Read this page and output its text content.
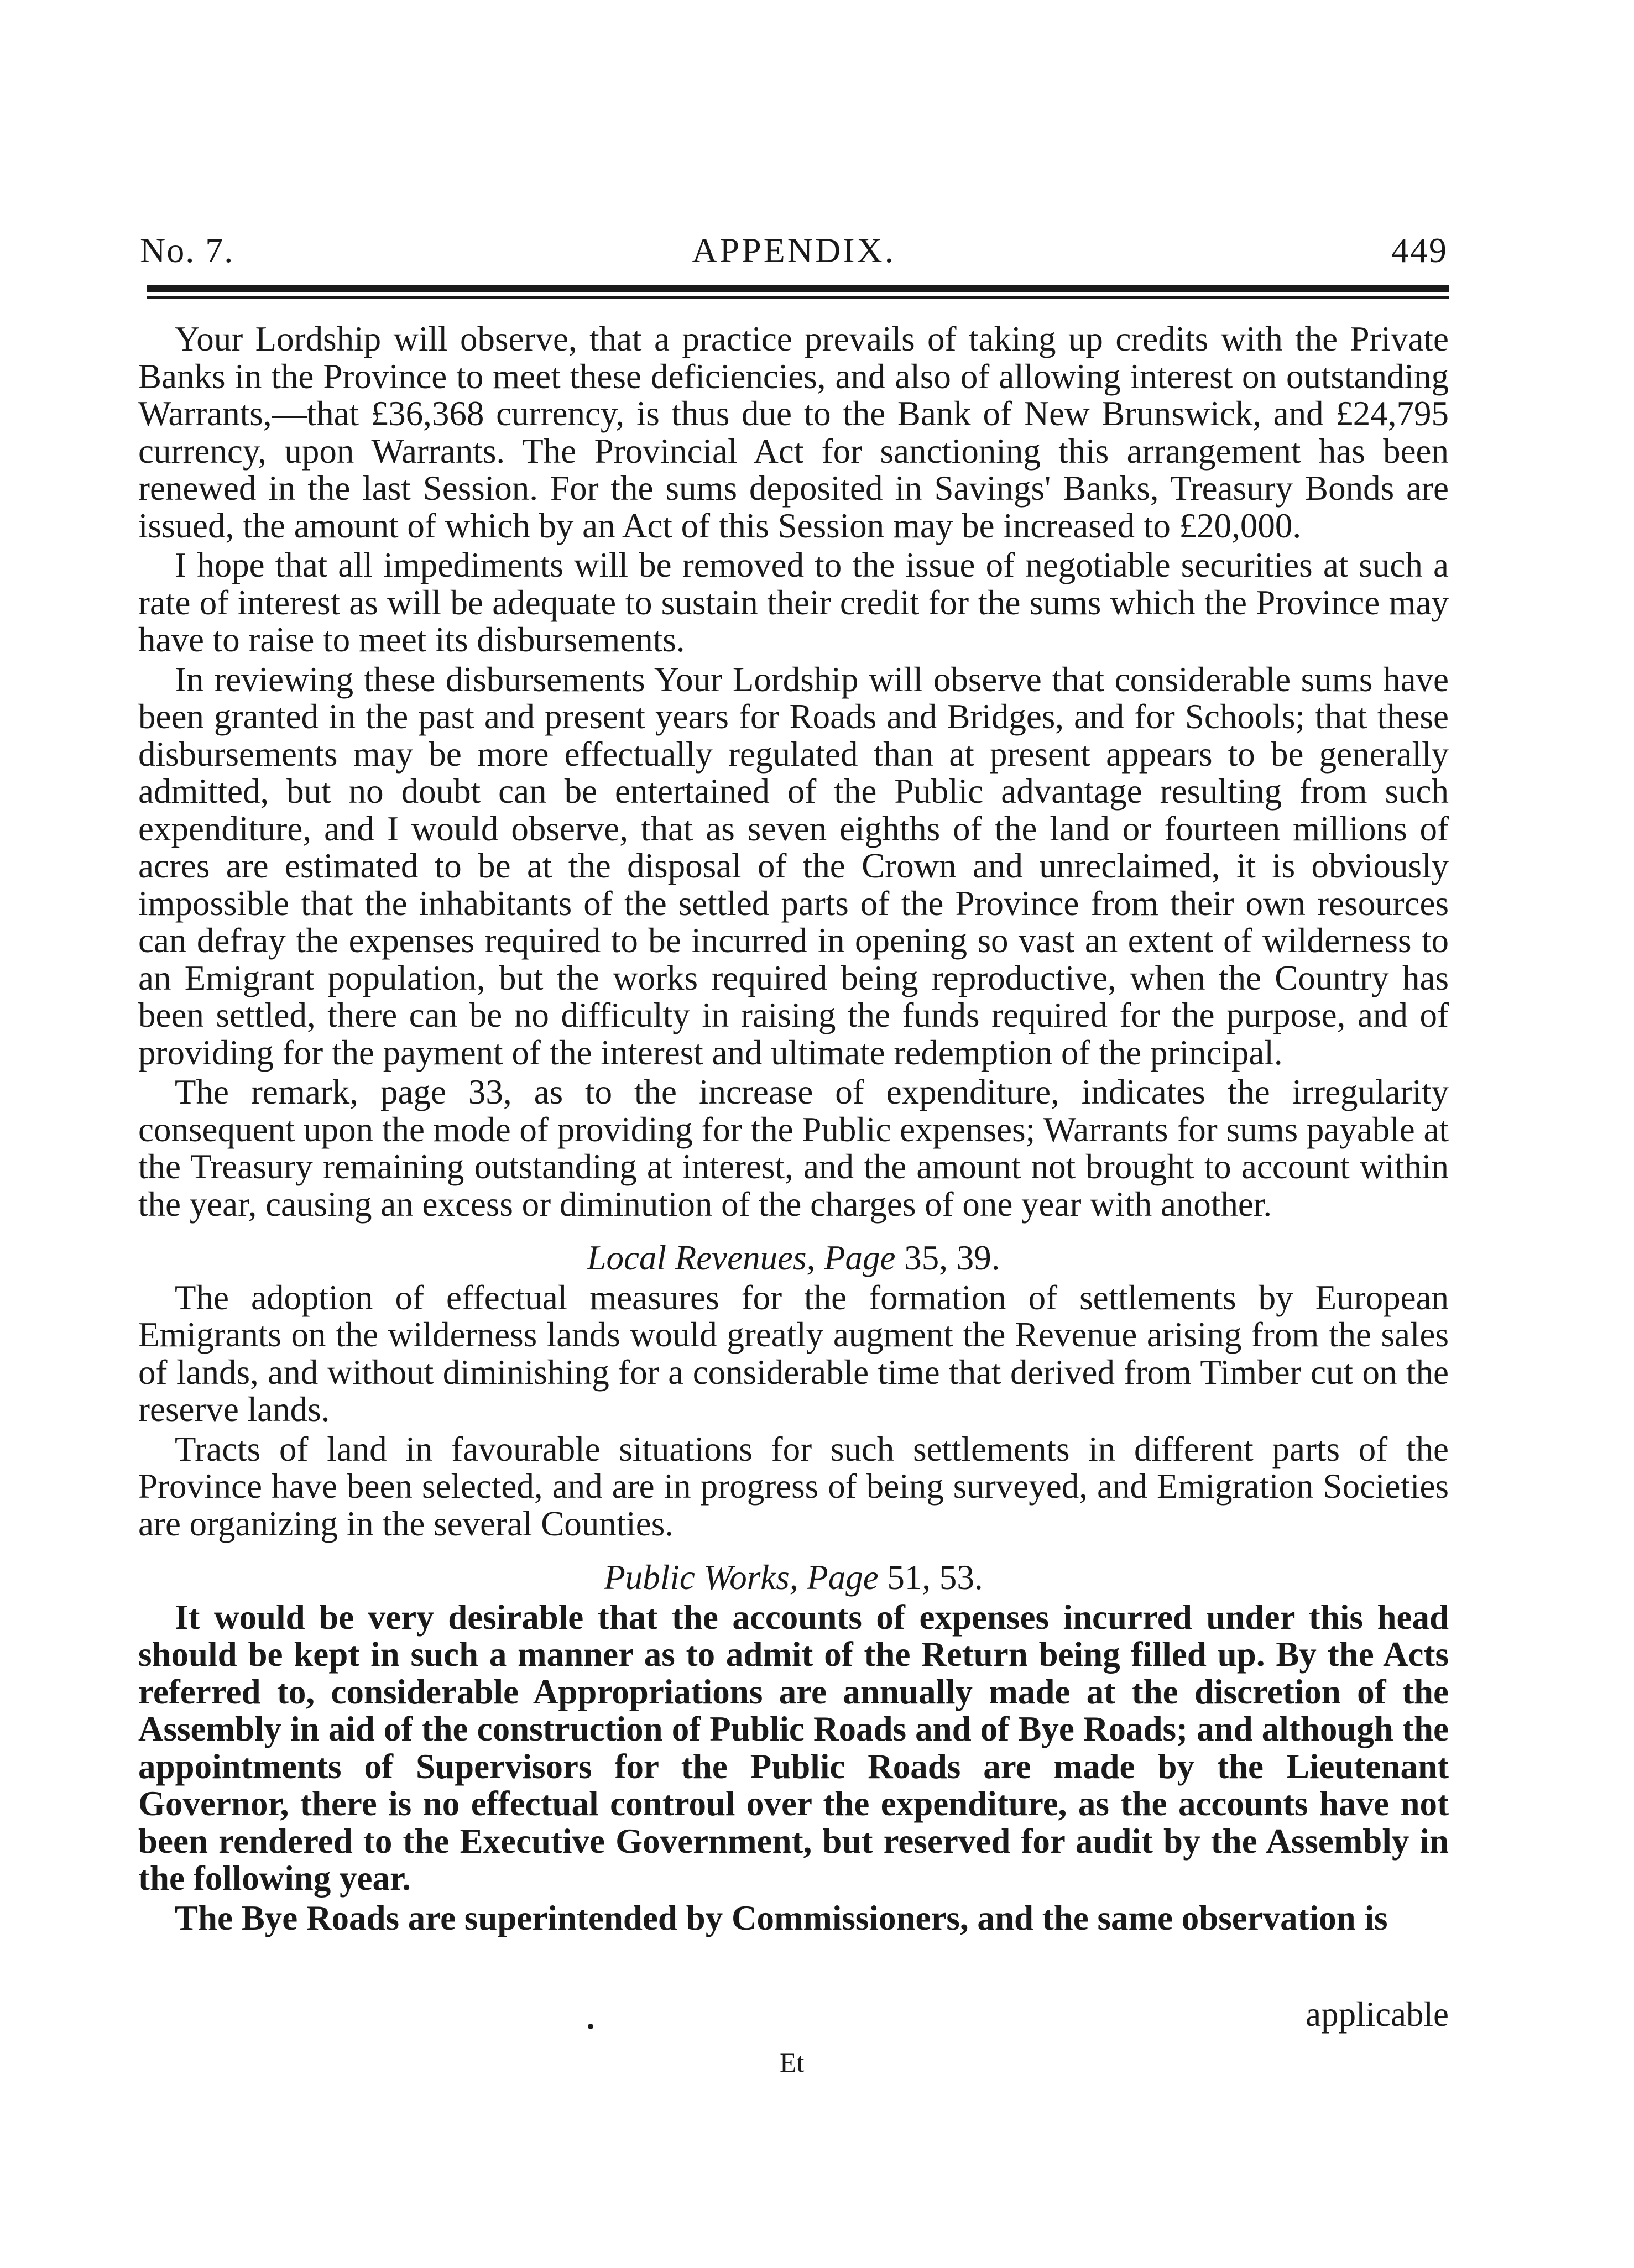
No. 7.	APPENDIX.	449

Your Lordship will observe, that a practice prevails of taking up credits with the Private Banks in the Province to meet these deficiencies, and also of allowing interest on outstanding Warrants,—that £36,368 currency, is thus due to the Bank of New Brunswick, and £24,795 currency, upon Warrants. The Provincial Act for sanctioning this arrangement has been renewed in the last Session. For the sums deposited in Savings' Banks, Treasury Bonds are issued, the amount of which by an Act of this Session may be increased to £20,000.

I hope that all impediments will be removed to the issue of negotiable securities at such a rate of interest as will be adequate to sustain their credit for the sums which the Province may have to raise to meet its disbursements.

In reviewing these disbursements Your Lordship will observe that considerable sums have been granted in the past and present years for Roads and Bridges, and for Schools; that these disbursements may be more effectually regulated than at present appears to be generally admitted, but no doubt can be entertained of the Public advantage resulting from such expenditure, and I would observe, that as seven eighths of the land or fourteen millions of acres are estimated to be at the disposal of the Crown and unreclaimed, it is obviously impossible that the inhabitants of the settled parts of the Province from their own resources can defray the expenses required to be incurred in opening so vast an extent of wilderness to an Emigrant population, but the works required being reproductive, when the Country has been settled, there can be no difficulty in raising the funds required for the purpose, and of providing for the payment of the interest and ultimate redemption of the principal.

The remark, page 33, as to the increase of expenditure, indicates the irregularity consequent upon the mode of providing for the Public expenses; Warrants for sums payable at the Treasury remaining outstanding at interest, and the amount not brought to account within the year, causing an excess or diminution of the charges of one year with another.

Local Revenues, Page 35, 39.

The adoption of effectual measures for the formation of settlements by European Emigrants on the wilderness lands would greatly augment the Revenue arising from the sales of lands, and without diminishing for a considerable time that derived from Timber cut on the reserve lands.

Tracts of land in favourable situations for such settlements in different parts of the Province have been selected, and are in progress of being surveyed, and Emigration Societies are organizing in the several Counties.

Public Works, Page 51, 53.

It would be very desirable that the accounts of expenses incurred under this head should be kept in such a manner as to admit of the Return being filled up. By the Acts referred to, considerable Appropriations are annually made at the discretion of the Assembly in aid of the construction of Public Roads and of Bye Roads; and although the appointments of Supervisors for the Public Roads are made by the Lieutenant Governor, there is no effectual controul over the expenditure, as the accounts have not been rendered to the Executive Government, but reserved for audit by the Assembly in the following year.

The Bye Roads are superintended by Commissioners, and the same observation is

applicable
Et
